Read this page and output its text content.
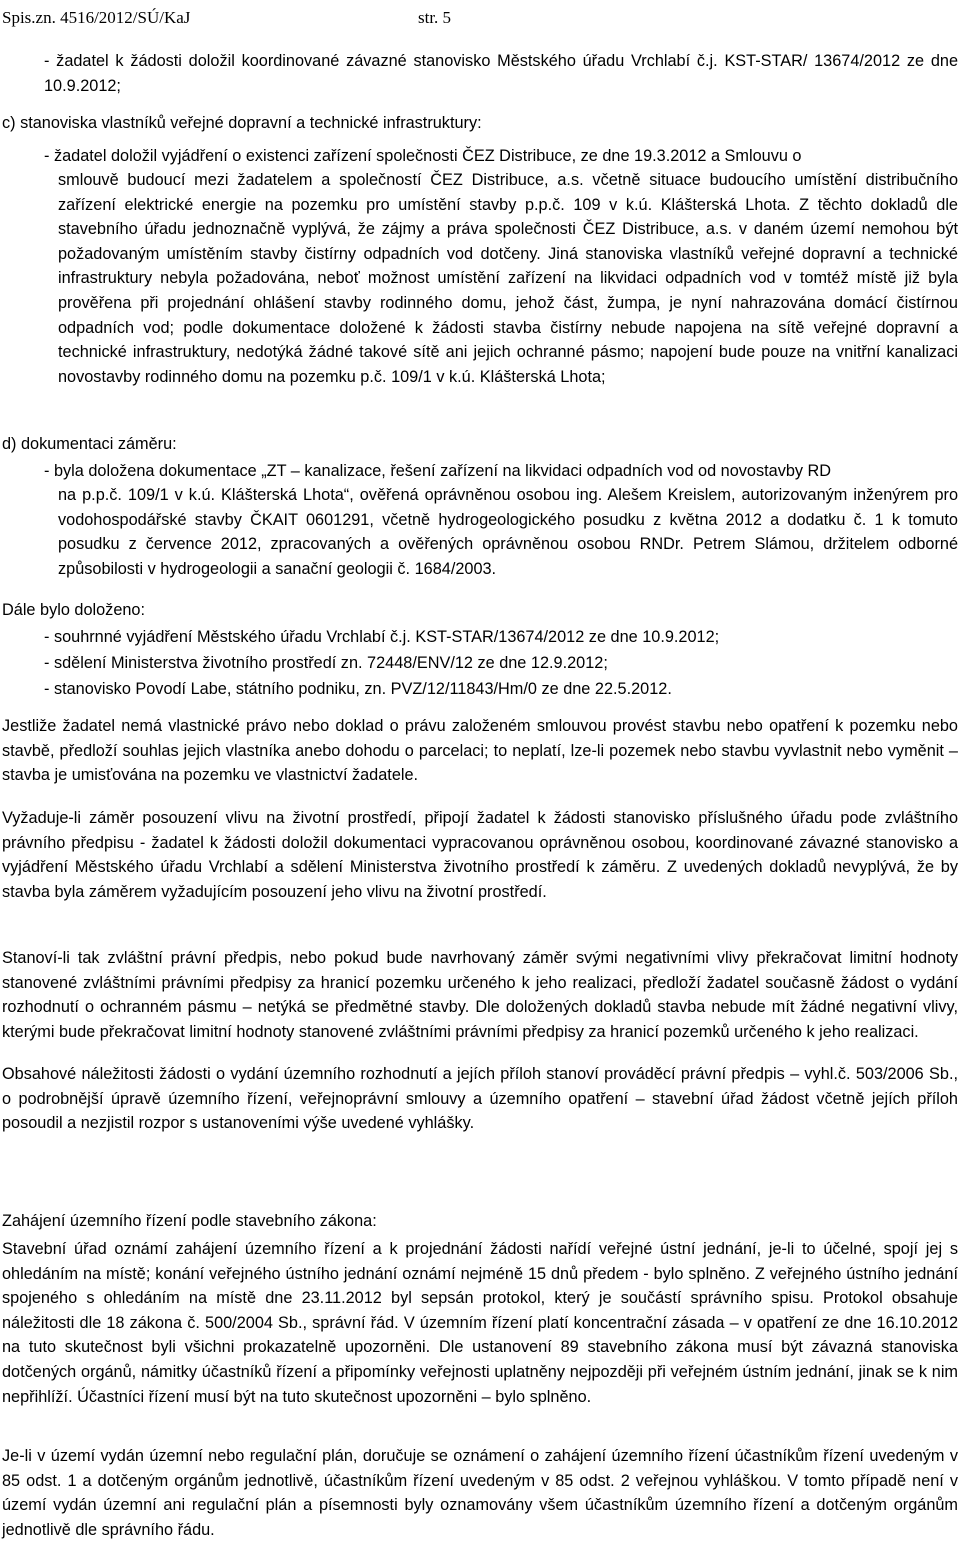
Spis.zn. 4516/2012/SÚ/KaJ	str. 5
- žadatel k žádosti doložil koordinované závazné stanovisko Městského úřadu Vrchlabí č.j. KST-STAR/ 13674/2012 ze dne 10.9.2012;

c) stanoviska vlastníků veřejné dopravní a technické infrastruktury:

- žadatel doložil vyjádření o existenci zařízení společnosti ČEZ Distribuce, ze dne 19.3.2012 a Smlouvu o
smlouvě budoucí mezi žadatelem a společností ČEZ Distribuce, a.s. včetně situace budoucího umístění distribučního zařízení elektrické energie na pozemku pro umístění stavby p.p.č. 109 v k.ú. Klášterská Lhota. Z těchto dokladů dle stavebního úřadu jednoznačně vyplývá, že zájmy a práva společnosti ČEZ Distribuce, a.s. v daném území nemohou být požadovaným umístěním stavby čistírny odpadních vod dotčeny. Jiná stanoviska vlastníků veřejné dopravní a technické infrastruktury nebyla požadována, neboť možnost umístění zařízení na likvidaci odpadních vod v tomtéž místě již byla prověřena při projednání ohlášení stavby rodinného domu, jehož část, žumpa, je nyní nahrazována domácí čistírnou odpadních vod; podle dokumentace doložené k žádosti stavba čistírny nebude napojena na sítě veřejné dopravní a technické infrastruktury, nedotýká žádné takové sítě ani jejich ochranné pásmo; napojení bude pouze na vnitřní kanalizaci novostavby rodinného domu na pozemku p.č. 109/1 v k.ú. Klášterská Lhota;

d) dokumentaci záměru:

- byla doložena dokumentace „ZT – kanalizace, řešení zařízení na likvidaci odpadních vod od novostavby RD
na p.p.č. 109/1 v k.ú. Klášterská Lhota“, ověřená oprávněnou osobou ing. Alešem Kreislem, autorizovaným inženýrem pro vodohospodářské stavby ČKAIT 0601291, včetně hydrogeologického posudku z května 2012 a dodatku č. 1 k tomuto posudku z července 2012, zpracovaných a ověřených oprávněnou osobou RNDr. Petrem Slámou, držitelem odborné způsobilosti v hydrogeologii a sanační geologii č. 1684/2003.

Dále bylo doloženo:

- souhrnné vyjádření Městského úřadu Vrchlabí č.j. KST-STAR/13674/2012 ze dne 10.9.2012;

- sdělení Ministerstva životního prostředí zn. 72448/ENV/12 ze dne 12.9.2012;

- stanovisko Povodí Labe, státního podniku, zn. PVZ/12/11843/Hm/0 ze dne 22.5.2012.

Jestliže žadatel nemá vlastnické právo nebo doklad o právu založeném smlouvou provést stavbu nebo opatření k pozemku nebo stavbě, předloží souhlas jejich vlastníka anebo dohodu o parcelaci; to neplatí, lze-li pozemek nebo stavbu vyvlastnit nebo vyměnit – stavba je umisťována na pozemku ve vlastnictví žadatele.
Vyžaduje-li záměr posouzení vlivu na životní prostředí, připojí žadatel k žádosti stanovisko příslušného úřadu pode zvláštního právního předpisu - žadatel k žádosti doložil dokumentaci vypracovanou oprávněnou osobou, koordinované závazné stanovisko a vyjádření Městského úřadu Vrchlabí a sdělení Ministerstva životního prostředí k záměru. Z uvedených dokladů nevyplývá, že by stavba byla záměrem vyžadujícím posouzení jeho vlivu na životní prostředí.
Stanoví-li tak zvláštní právní předpis, nebo pokud bude navrhovaný záměr svými negativními vlivy překračovat limitní hodnoty stanovené zvláštními právními předpisy za hranicí pozemku určeného k jeho realizaci, předloží žadatel současně žádost o vydání rozhodnutí o ochranném pásmu – netýká se předmětné stavby. Dle doložených dokladů stavba nebude mít žádné negativní vlivy, kterými bude překračovat limitní hodnoty stanovené zvláštními právními předpisy za hranicí pozemků určeného k jeho realizaci.
Obsahové náležitosti žádosti o vydání územního rozhodnutí a jejích příloh stanoví prováděcí právní předpis – vyhl.č. 503/2006 Sb., o podrobnější úpravě územního řízení, veřejnoprávní smlouvy a územního opatření – stavební úřad žádost včetně jejích příloh posoudil a nezjistil rozpor s ustanoveními výše uvedené vyhlášky.

Zahájení územního řízení podle stavebního zákona:

Stavební úřad oznámí zahájení územního řízení a k projednání žádosti nařídí veřejné ústní jednání, je-li to účelné, spojí jej s ohledáním na místě; konání veřejného ústního jednání oznámí nejméně 15 dnů předem - bylo splněno. Z veřejného ústního jednání spojeného s ohledáním na místě dne 23.11.2012 byl sepsán protokol, který je součástí správního spisu. Protokol obsahuje náležitosti dle 18 zákona č. 500/2004 Sb., správní řád. V územním řízení platí koncentrační zásada – v opatření ze dne 16.10.2012 na tuto skutečnost byli všichni prokazatelně upozorněni. Dle ustanovení 89 stavebního zákona musí být závazná stanoviska dotčených orgánů, námitky účastníků řízení a připomínky veřejnosti uplatněny nejpozději při veřejném ústním jednání, jinak se k nim nepřihlíží. Účastníci řízení musí být na tuto skutečnost upozorněni – bylo splněno.
Je-li v území vydán územní nebo regulační plán, doručuje se oznámení o zahájení územního řízení účastníkům řízení uvedeným v 85 odst. 1 a dotčeným orgánům jednotlivě, účastníkům řízení uvedeným v 85 odst. 2 veřejnou vyhláškou. V tomto případě není v území vydán územní ani regulační plán a písemnosti byly oznamovány všem účastníkům územního řízení a dotčeným orgánům jednotlivě dle správního řádu.
